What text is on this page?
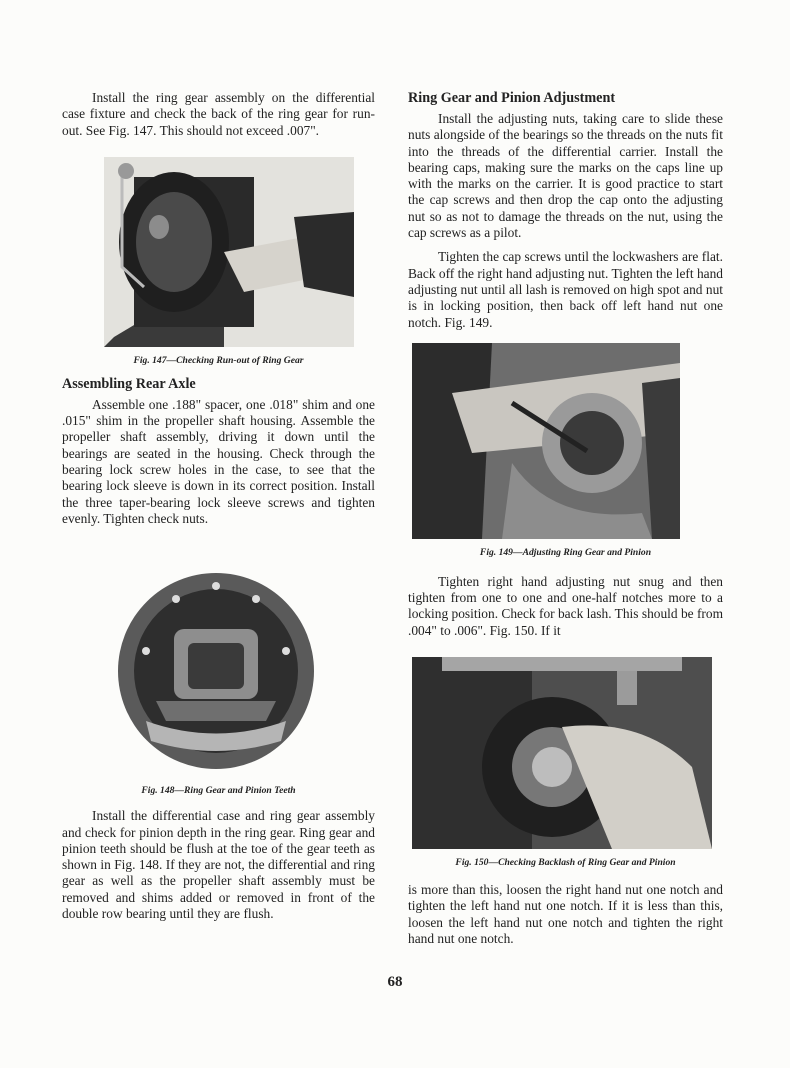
Install the ring gear assembly on the differential case fixture and check the back of the ring gear for run-out. See Fig. 147. This should not exceed .007".

Fig. 147—Checking Run-out of Ring Gear
Assembling Rear Axle

Assemble one .188" spacer, one .018" shim and one .015" shim in the propeller shaft housing. Assemble the propeller shaft assembly, driving it down until the bearings are seated in the housing. Check through the bearing lock screw holes in the case, to see that the bearing lock sleeve is down in its correct position. Install the three taper-bearing lock sleeve screws and tighten evenly. Tighten check nuts.

Fig. 148—Ring Gear and Pinion Teeth

Install the differential case and ring gear assembly and check for pinion depth in the ring gear. Ring gear and pinion teeth should be flush at the toe of the gear teeth as shown in Fig. 148. If they are not, the differential and ring gear as well as the propeller shaft assembly must be removed and shims added or removed in front of the double row bearing until they are flush.

Ring Gear and Pinion Adjustment

Install the adjusting nuts, taking care to slide these nuts alongside of the bearings so the threads on the nuts fit into the threads of the differential carrier. Install the bearing caps, making sure the marks on the caps line up with the marks on the carrier. It is good practice to start the cap screws and then drop the cap onto the adjusting nut so as not to damage the threads on the nut, using the cap screws as a pilot.

Tighten the cap screws until the lockwashers are flat. Back off the right hand adjusting nut. Tighten the left hand adjusting nut until all lash is removed on high spot and nut is in locking position, then back off left hand nut one notch. Fig. 149.

Fig. 149—Adjusting Ring Gear and Pinion

Tighten right hand adjusting nut snug and then tighten from one to one and one-half notches more to a locking position. Check for back lash. This should be from .004" to .006". Fig. 150. If it

Fig. 150—Checking Backlash of Ring Gear and Pinion

is more than this, loosen the right hand nut one notch and tighten the left hand nut one notch. If it is less than this, loosen the left hand nut one notch and tighten the right hand nut one notch.

68
